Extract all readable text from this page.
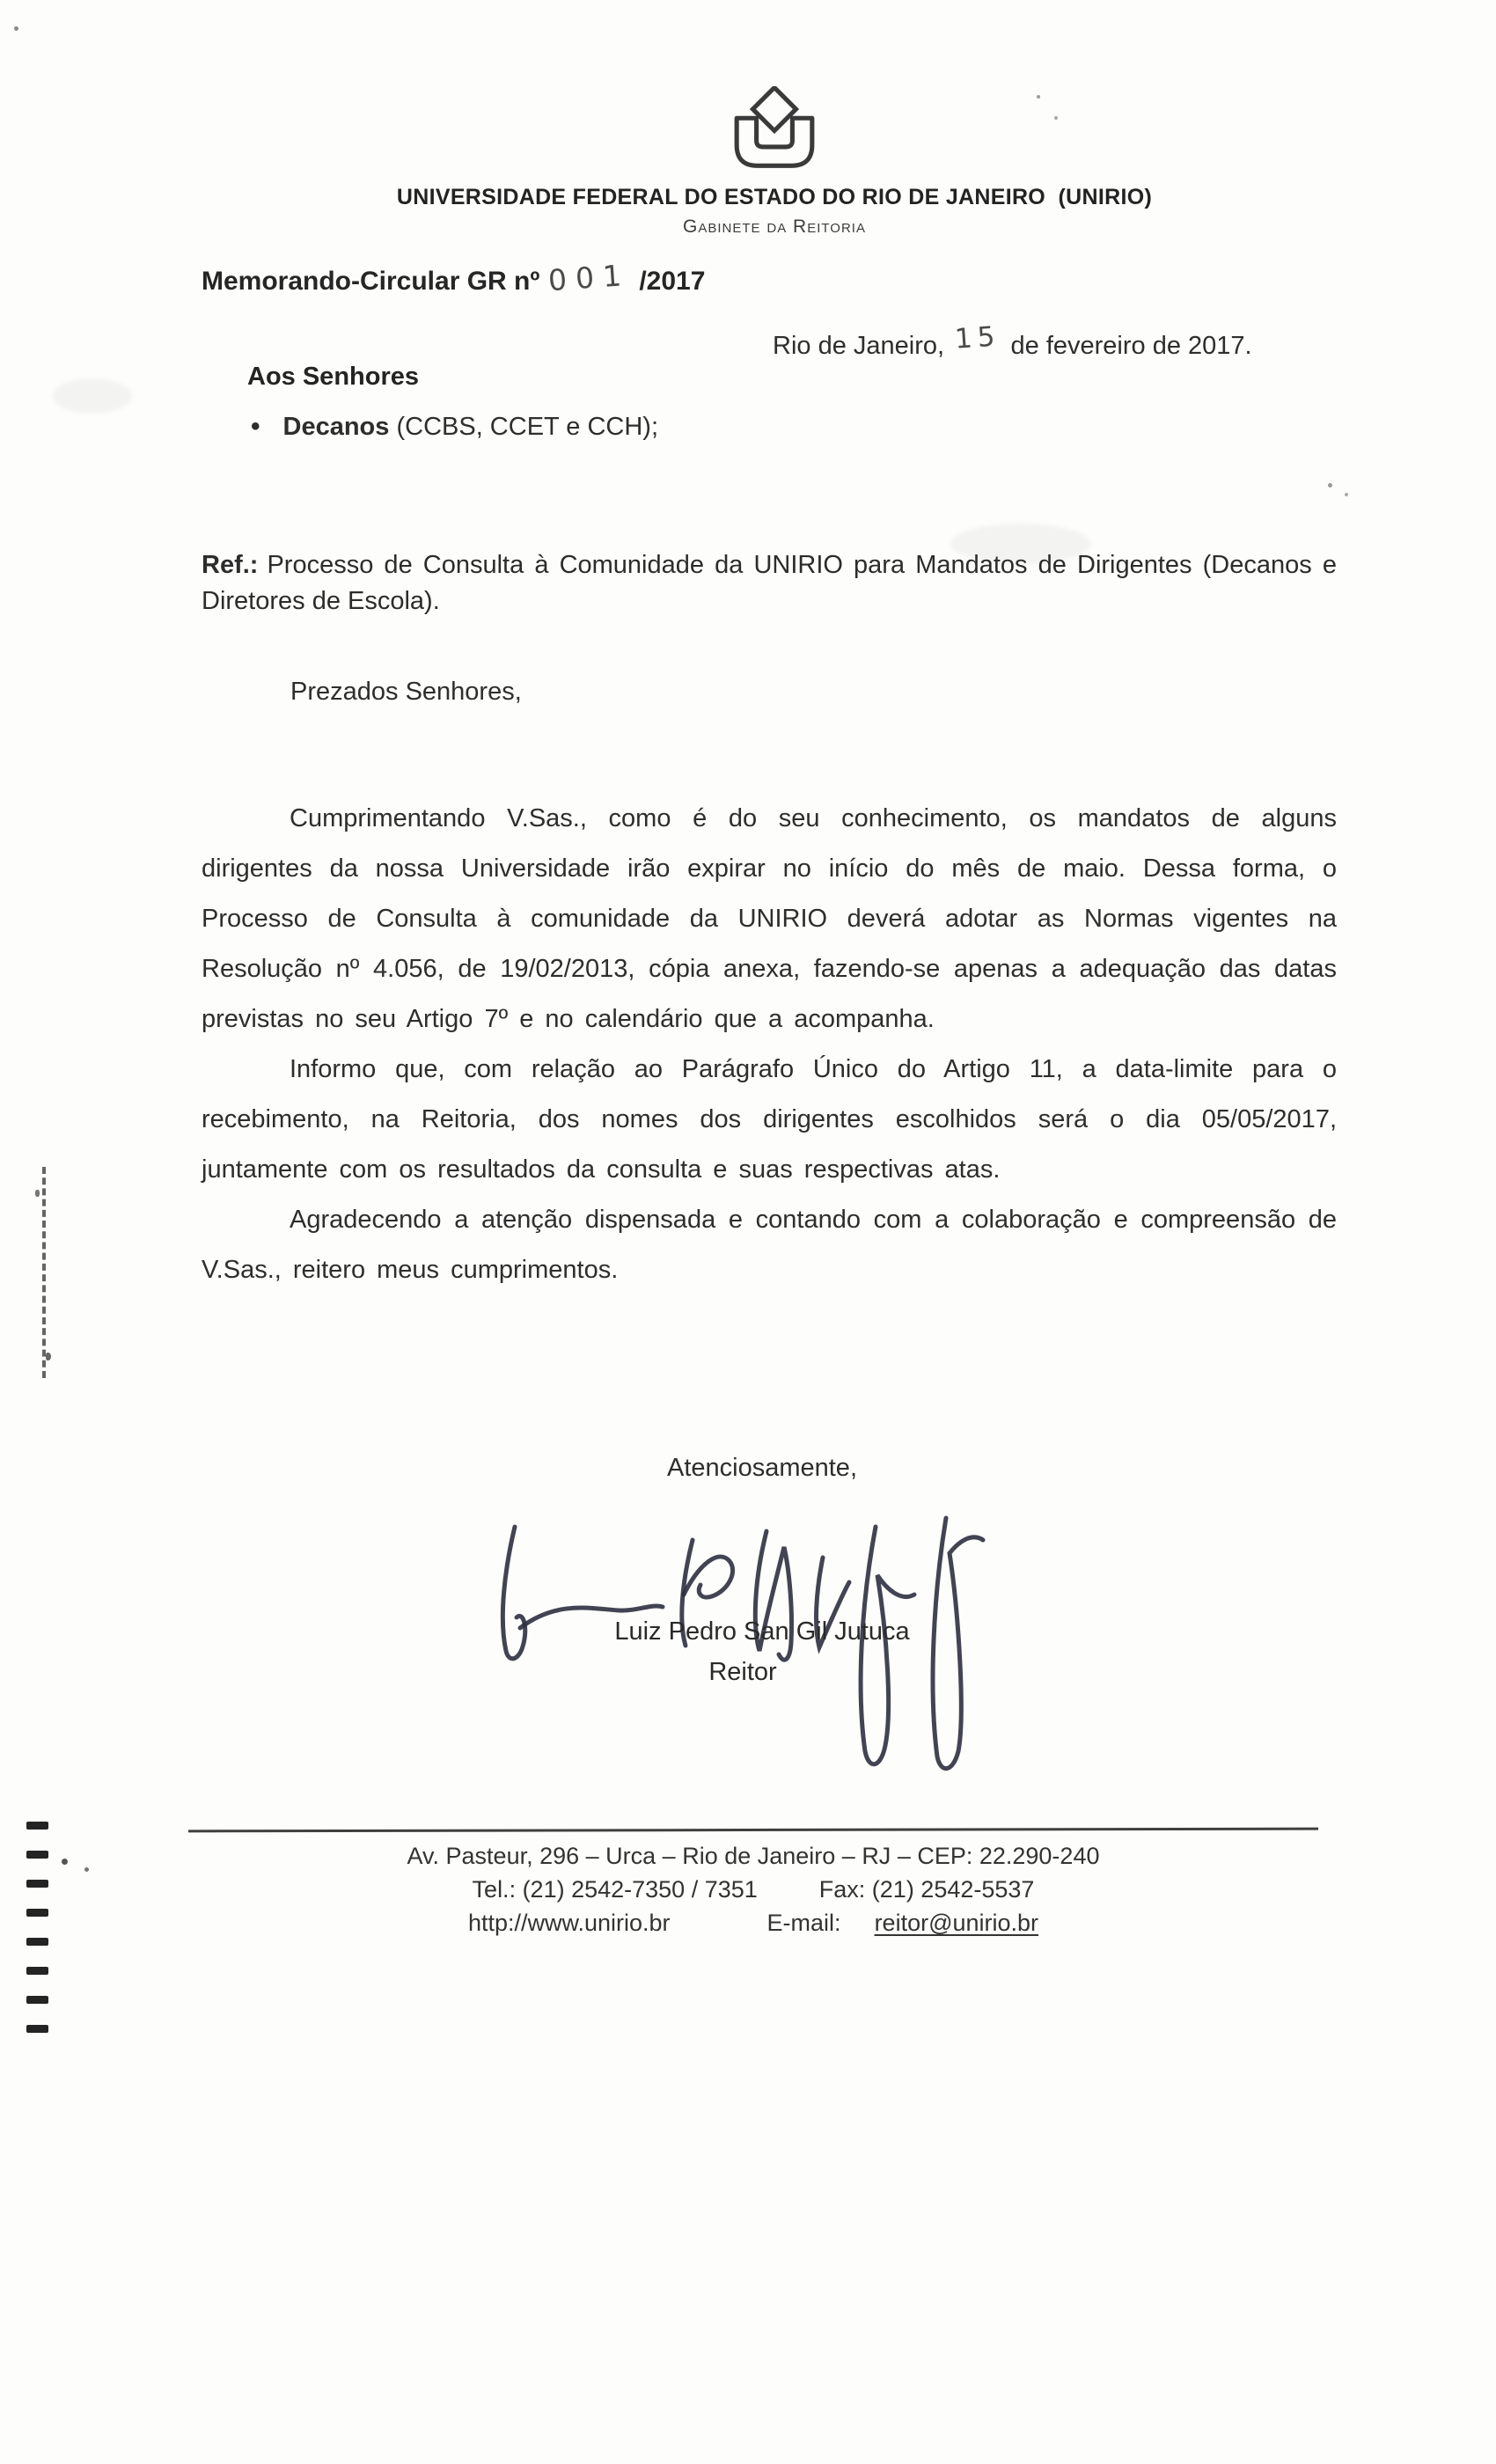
UNIVERSIDADE FEDERAL DO ESTADO DO RIO DE JANEIRO  (UNIRIO)
Gabinete da Reitoria
Memorando-Circular GR nº 001 /2017
Rio de Janeiro, 15 de fevereiro de 2017.
Aos Senhores
• Decanos (CCBS, CCET e CCH);
Ref.: Processo de Consulta à Comunidade da UNIRIO para Mandatos de Dirigentes (Decanos e Diretores de Escola).
Prezados Senhores,

Cumprimentando V.Sas., como é do seu conhecimento, os mandatos de alguns dirigentes da nossa Universidade irão expirar no início do mês de maio. Dessa forma, o Processo de Consulta à comunidade da UNIRIO deverá adotar as Normas vigentes na Resolução nº 4.056, de 19/02/2013, cópia anexa, fazendo-se apenas a adequação das datas previstas no seu Artigo 7º e no calendário que a acompanha.

Informo que, com relação ao Parágrafo Único do Artigo 11, a data-limite para o recebimento, na Reitoria, dos nomes dos dirigentes escolhidos será o dia 05/05/2017, juntamente com os resultados da consulta e suas respectivas atas.

Agradecendo a atenção dispensada e contando com a colaboração e compreensão de V.Sas., reitero meus cumprimentos.

Atenciosamente,
Luiz Pedro San Gil Jutuca
Reitor
Av. Pasteur, 296 – Urca – Rio de Janeiro – RJ – CEP: 22.290-240
Tel.: (21) 2542-7350 / 7351	Fax: (21) 2542-5537
http://www.unirio.br	E-mail: reitor@unirio.br
